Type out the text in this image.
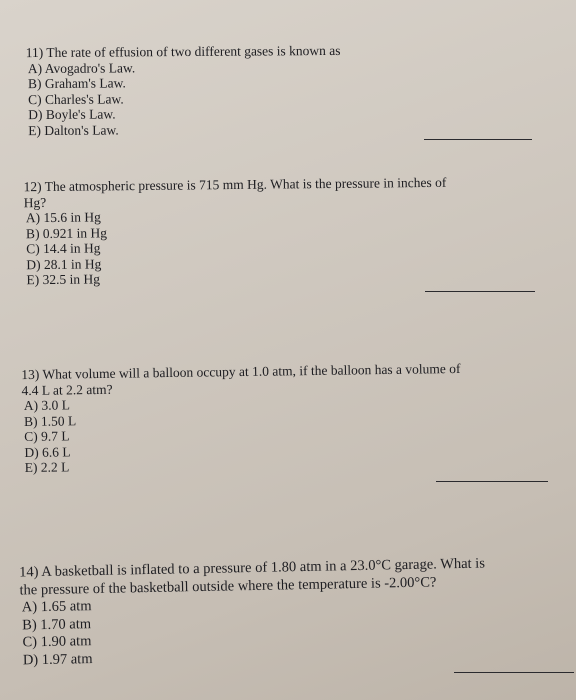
11) The rate of effusion of two different gases is known as
A) Avogadro's Law.
B) Graham's Law.
C) Charles's Law.
D) Boyle's Law.
E) Dalton's Law.
12) The atmospheric pressure is 715 mm Hg. What is the pressure in inches of
Hg?
A) 15.6 in Hg
B) 0.921 in Hg
C) 14.4 in Hg
D) 28.1 in Hg
E) 32.5 in Hg
13) What volume will a balloon occupy at 1.0 atm, if the balloon has a volume of
4.4 L at 2.2 atm?
A) 3.0 L
B) 1.50 L
C) 9.7 L
D) 6.6 L
E) 2.2 L
14) A basketball is inflated to a pressure of 1.80 atm in a 23.0°C garage. What is
the pressure of the basketball outside where the temperature is -2.00°C?
A) 1.65 atm
B) 1.70 atm
C) 1.90 atm
D) 1.97 atm
